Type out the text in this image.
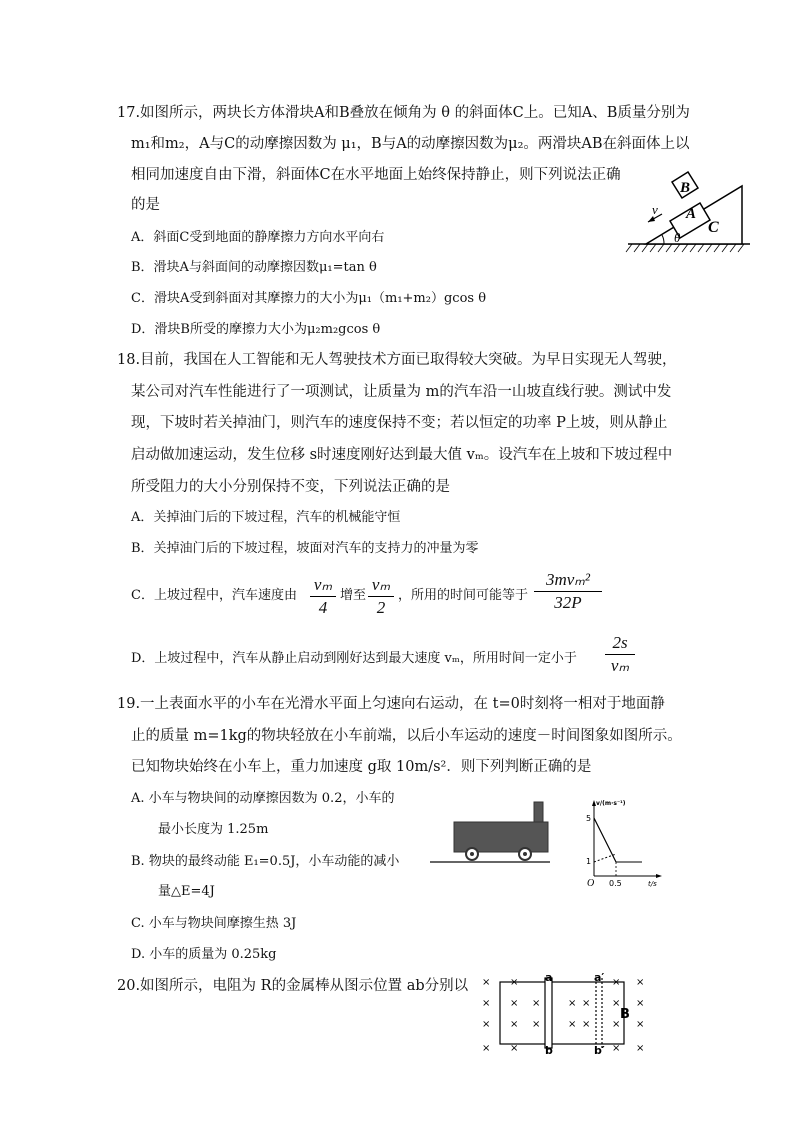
17.如图所示，两块长方体滑块A和B叠放在倾角为 θ 的斜面体C上。已知A、B质量分别为
m₁和m₂，A与C的动摩擦因数为 μ₁，B与A的动摩擦因数为μ₂。两滑块AB在斜面体上以
相同加速度自由下滑，斜面体C在水平地面上始终保持静止，则下列说法正确
的是
A．斜面C受到地面的静摩擦力方向水平向右
B．滑块A与斜面间的动摩擦因数μ₁=tan θ
C．滑块A受到斜面对其摩擦力的大小为μ₁（m₁+m₂）gcos θ
D．滑块B所受的摩擦力大小为μ₂m₂gcos θ
B
A
C
v
θ
18.目前，我国在人工智能和无人驾驶技术方面已取得较大突破。为早日实现无人驾驶，
某公司对汽车性能进行了一项测试，让质量为 m的汽车沿一山坡直线行驶。测试中发
现，下坡时若关掉油门，则汽车的速度保持不变；若以恒定的功率 P上坡，则从静止
启动做加速运动，发生位移 s时速度刚好达到最大值 vₘ。设汽车在上坡和下坡过程中
所受阻力的大小分别保持不变，下列说法正确的是
A．关掉油门后的下坡过程，汽车的机械能守恒
B．关掉油门后的下坡过程，坡面对汽车的支持力的冲量为零
C．上坡过程中，汽车速度由
vₘ
4
增至
vₘ
2
，所用的时间可能等于
3mvₘ²
32P
D．上坡过程中，汽车从静止启动到刚好达到最大速度 vₘ，所用时间一定小于
2s
vₘ
19.一上表面水平的小车在光滑水平面上匀速向右运动，在 t=0时刻将一相对于地面静
止的质量 m=1kg的物块轻放在小车前端，以后小车运动的速度－时间图象如图所示。
已知物块始终在小车上，重力加速度 g取 10m/s²．则下列判断正确的是
A. 小车与物块间的动摩擦因数为 0.2，小车的
最小长度为 1.25m
B. 物块的最终动能 E₁=0.5J，小车动能的减小
量△E=4J
C. 小车与物块间摩擦生热 3J
D. 小车的质量为 0.25kg
v/(m·s⁻¹)
5
1
O 0.5	t/s
20.如图所示，电阻为 R的金属棒从图示位置 ab分别以 × ×	× ×
× × ×	× × × ×
× × ×	× × × ×
× ×	× ×
a
b
a′
b′
B
